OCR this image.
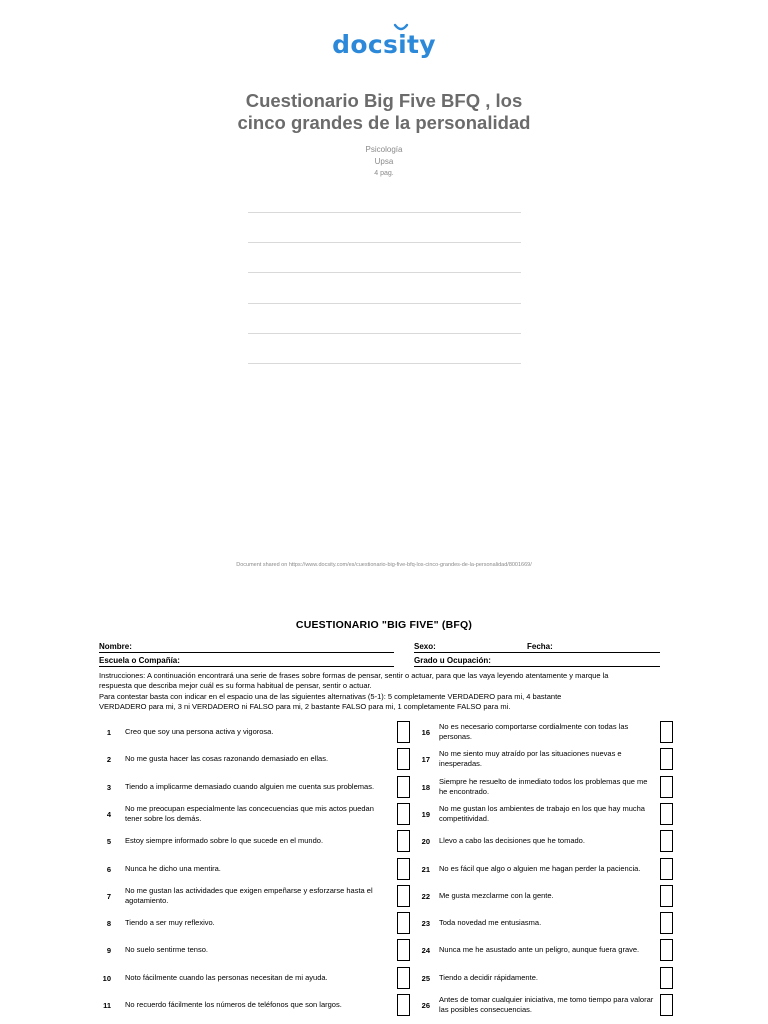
docsity
Cuestionario Big Five BFQ , los
cinco grandes de la personalidad
Psicología
Upsa
4 pag.
Document shared on https://www.docsity.com/es/cuestionario-big-five-bfq-los-cinco-grandes-de-la-personalidad/8001669/
CUESTIONARIO "BIG FIVE" (BFQ)
Nombre:	Sexo:	Fecha:
Escuela o Compañía:	Grado u Ocupación:
Instrucciones: A continuación encontrará una serie de frases sobre formas de pensar, sentir o actuar, para que las vaya leyendo atentamente y marque la
respuesta que describa mejor cuál es su forma habitual de pensar, sentir o actuar.
Para contestar basta con indicar en el espacio una de las siguientes alternativas (5-1): 5 completamente VERDADERO para mi, 4 bastante
VERDADERO para mi, 3 ni VERDADERO ni FALSO para mi, 2 bastante FALSO para mi, 1 completamente FALSO para mi.
1 Creo que soy una persona activa y vigorosa.
2 No me gusta hacer las cosas razonando demasiado en ellas.
3 Tiendo a implicarme demasiado cuando alguien me cuenta sus problemas.
4
No me preocupan especialmente las concecuencias que mis actos puedan tener sobre los demás.
5 Estoy siempre informado sobre lo que sucede en el mundo.
6 Nunca he dicho una mentira.
7
No me gustan las actividades que exigen empeñarse y esforzarse hasta el agotamiento.
8 Tiendo a ser muy reflexivo.
9 No suelo sentirme tenso.
10 Noto fácilmente cuando las personas necesitan de mi ayuda.
11 No recuerdo fácilmente los números de teléfonos que son largos.
16
No es necesario comportarse cordialmente con todas las personas.
17
No me siento muy atraído por las situaciones nuevas e inesperadas.
18
Siempre he resuelto de inmediato todos los problemas que me he encontrado.
19
No me gustan los ambientes de trabajo en los que hay mucha competitividad.
20 Llevo a cabo las decisiones que he tomado.
21 No es fácil que algo o alguien me hagan perder la paciencia.
22 Me gusta mezclarme con la gente.
23 Toda novedad me entusiasma.
24 Nunca me he asustado ante un peligro, aunque fuera grave.
25 Tiendo a decidir rápidamente.
26
Antes de tomar cualquier iniciativa, me tomo tiempo para valorar las posibles consecuencias.
